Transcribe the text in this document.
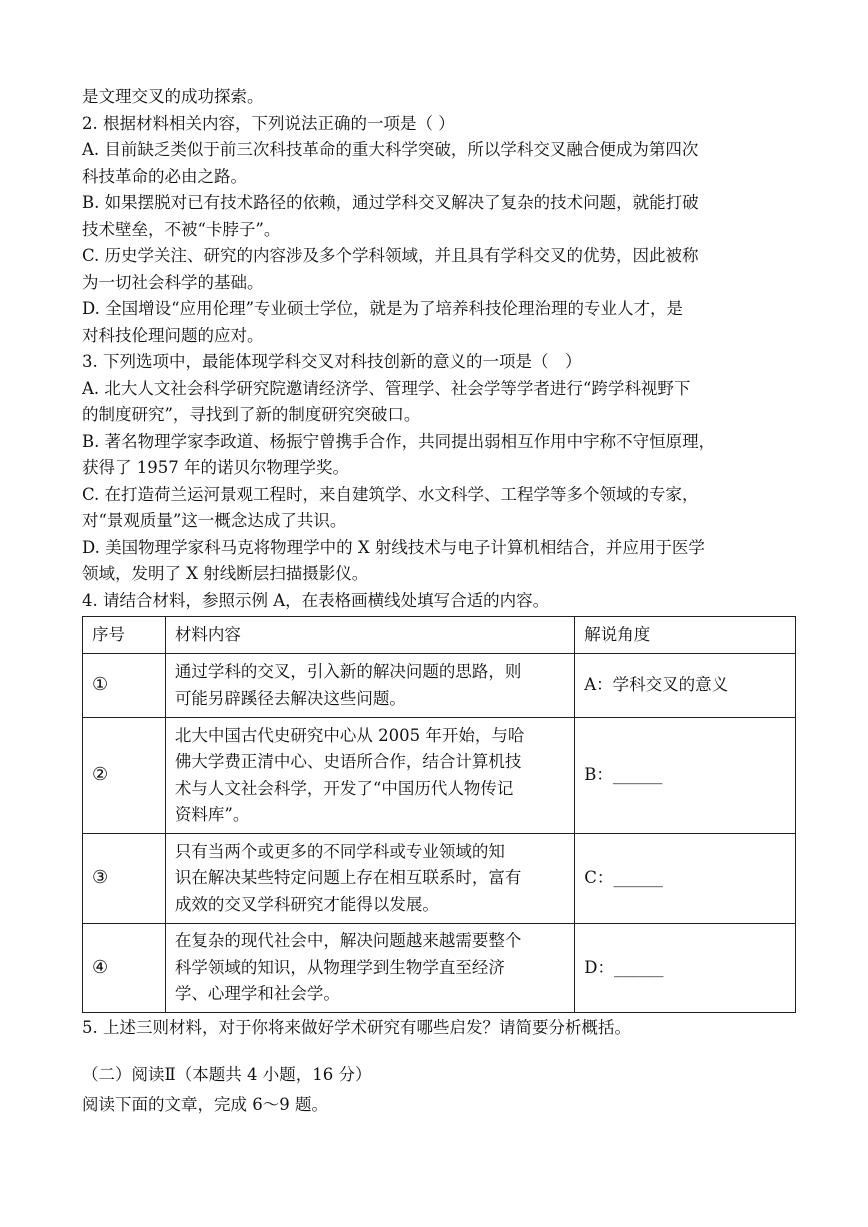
是文理交叉的成功探索。
2. 根据材料相关内容，下列说法正确的一项是（ ）
A. 目前缺乏类似于前三次科技革命的重大科学突破，所以学科交叉融合便成为第四次
科技革命的必由之路。
B. 如果摆脱对已有技术路径的依赖，通过学科交叉解决了复杂的技术问题，就能打破
技术壁垒，不被“卡脖子”。
C. 历史学关注、研究的内容涉及多个学科领域，并且具有学科交叉的优势，因此被称
为一切社会科学的基础。
D. 全国增设“应用伦理”专业硕士学位，就是为了培养科技伦理治理的专业人才，是
对科技伦理问题的应对。
3. 下列选项中，最能体现学科交叉对科技创新的意义的一项是（　）
A. 北大人文社会科学研究院邀请经济学、管理学、社会学等学者进行“跨学科视野下
的制度研究”，寻找到了新的制度研究突破口。
B. 著名物理学家李政道、杨振宁曾携手合作，共同提出弱相互作用中宇称不守恒原理，
获得了 1957 年的诺贝尔物理学奖。
C. 在打造荷兰运河景观工程时，来自建筑学、水文科学、工程学等多个领域的专家，
对“景观质量”这一概念达成了共识。
D. 美国物理学家科马克将物理学中的 X 射线技术与电子计算机相结合，并应用于医学
领域，发明了 X 射线断层扫描摄影仪。
4. 请结合材料，参照示例 A，在表格画横线处填写合适的内容。
序号	材料内容	解说角度
①	通过学科的交叉，引入新的解决问题的思路，则
可能另辟蹊径去解决这些问题。	A：学科交叉的意义
②	北大中国古代史研究中心从 2005 年开始，与哈
佛大学费正清中心、史语所合作，结合计算机技
术与人文社会科学，开发了“中国历代人物传记
资料库”。	B：______
③	只有当两个或更多的不同学科或专业领域的知
识在解决某些特定问题上存在相互联系时，富有
成效的交叉学科研究才能得以发展。	C：______
④	在复杂的现代社会中，解决问题越来越需要整个
科学领域的知识，从物理学到生物学直至经济
学、心理学和社会学。	D：______
5. 上述三则材料，对于你将来做好学术研究有哪些启发？请简要分析概括。
（二）阅读Ⅱ（本题共 4 小题，16 分）
阅读下面的文章，完成 6～9 题。
